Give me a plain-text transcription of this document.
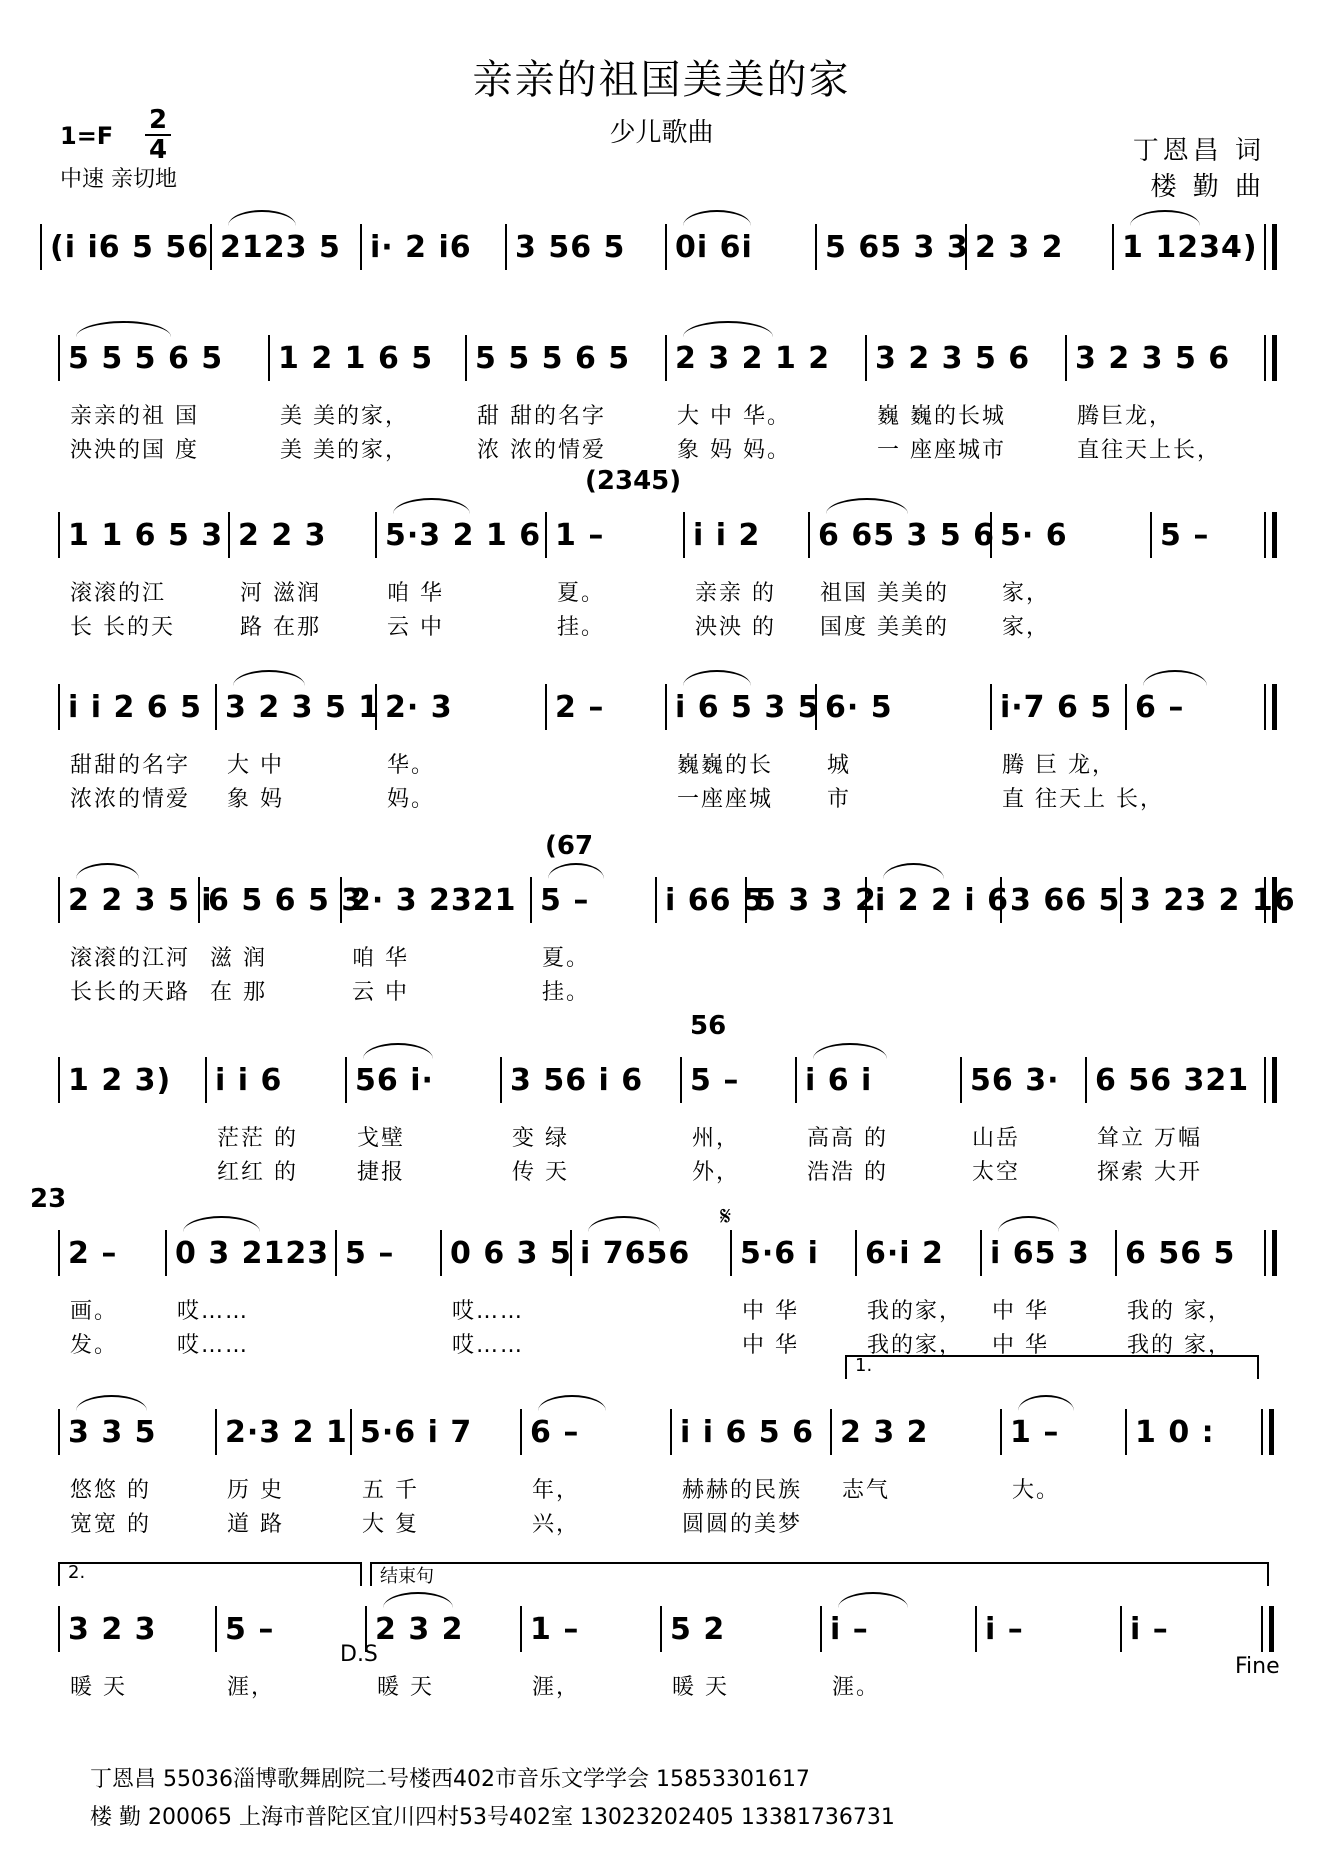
亲亲的祖国美美的家
少儿歌曲
1=F
2
4
中速 亲切地
丁恩昌 词
楼 勤 曲
(i i6 5 56 2123 5 i· 2 i6	3 56 5	0i 6i	5 65 3 3 2 3 2	1 1234)
5 5 5 6 5	1 2 1 6 5	5 5 5 6 5	2 3 2 1 2	3 2 3 5 6	3 2 3 5 6
亲亲的祖 国	美 美的家，	甜 甜的名字	大 中 华。	巍 巍的长城	腾巨龙，
泱泱的国 度	美 美的家，	浓 浓的情爱	象 妈 妈。	一 座座城市	直往天上长，
1 1 6 5 3 2 2 3	5·3 2 1 6 1 –	i i 2	6 65 3 5 6 5· 6	5 –
滚滚的江	河 滋润	咱 华	夏。	亲亲 的 祖国 美美的 家，
长 长的天	路 在那	云 中	挂。	泱泱 的 国度 美美的 家，
(2345)
i i 2 6 5 3 2 3 5 1 2· 3	2 –	i 6 5 3 5 6· 5	i·7 6 5 6 –
甜甜的名字 大 中	华。	巍巍的长 城	腾 巨 龙，
浓浓的情爱 象 妈	妈。	一座座城 市	直 往天上 长，
2 2 3 5 i
6 5 6 5 3
2· 3 2321 5 –	i 66 5
5 3 3 2
i 2 2 i 6 3 66 5 3 23 2 16
滚滚的江河 滋 润	咱 华	夏。
长长的天路 在 那	云 中	挂。
(67
1 2 3)	i i 6	56 i·	3 56 i 6	5 –	i 6 i	56 3·	6 56 321
茫茫 的	戈壁	变 绿	州，	高高 的	山岳	耸立 万幅
红红 的	捷报	传 天	外，	浩浩 的	太空	探索 大开
56
2 –	0 3 2123 5 –	0 6 3 5 i 7656	5·6 i	6·i 2	i 65 3	6 56 5
画。	哎……	哎……	中 华	我的家， 中 华	我的 家，
发。	哎……	哎……	中 华	我的家， 中 华	我的 家，
23
𝄋
3 3 5	2·3 2 1 5·6 i 7	6 –	i i 6 5 6 2 3 2	1 –	1 0 :
悠悠 的	历 史	五 千	年，	赫赫的民族 志气	大。
宽宽 的	道 路	大 复	兴，	圆圆的美梦
1.
3 2 3	5 –	2 3 2	1 –	5 2	i –	i –	i –
暖 天	涯，	暖 天	涯，	暖 天	涯。
2.	结束句
D.S	Fine
丁恩昌 55036淄博歌舞剧院二号楼西402市音乐文学学会 15853301617
楼 勤 200065 上海市普陀区宜川四村53号402室 13023202405 13381736731
